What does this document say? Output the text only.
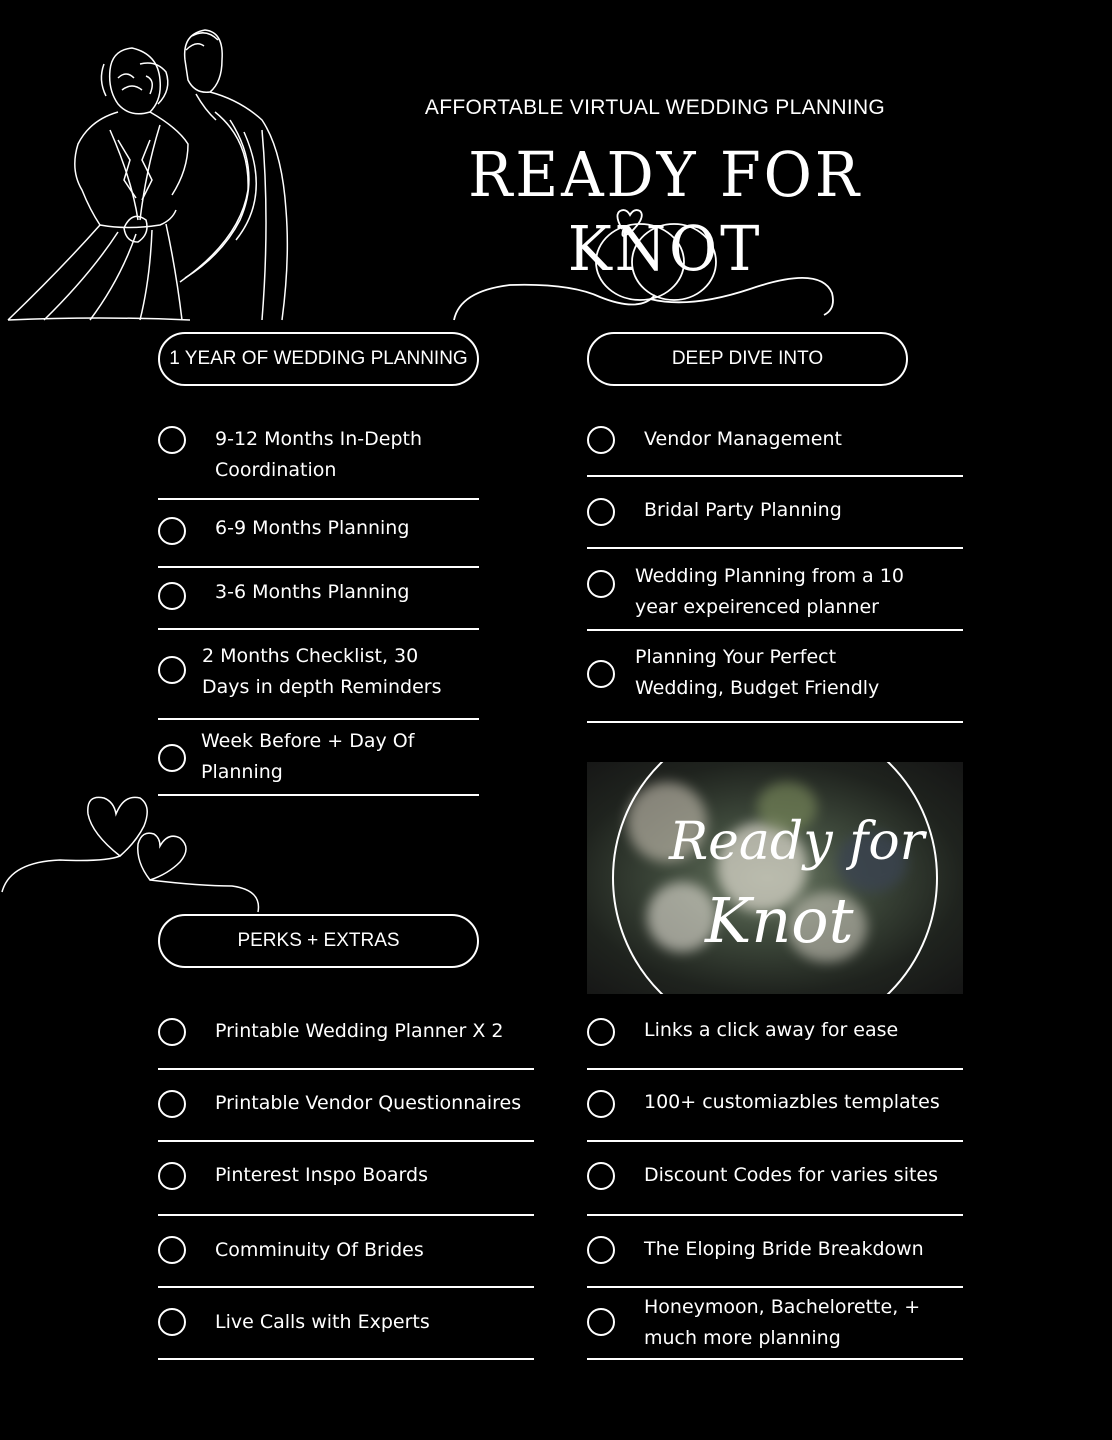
AFFORTABLE VIRTUAL WEDDING PLANNING
READY FOR KNOT
1 YEAR OF WEDDING PLANNING	DEEP DIVE INTO
PERKS + EXTRAS
9-12 Months In-Depth
Coordination
6-9 Months Planning
3-6 Months Planning
2 Months Checklist, 30
Days in depth Reminders
Week Before + Day Of
Planning
Vendor Management
Bridal Party Planning
Wedding Planning from a 10
year expeirenced planner
Planning Your Perfect
Wedding, Budget Friendly
Ready for
Knot
Printable Wedding Planner X 2
Printable Vendor Questionnaires
Pinterest Inspo Boards
Comminuity Of Brides
Live Calls with Experts
Links a click away for ease
100+ customiazbles templates
Discount Codes for varies sites
The Eloping Bride Breakdown
Honeymoon, Bachelorette, +
much more planning
